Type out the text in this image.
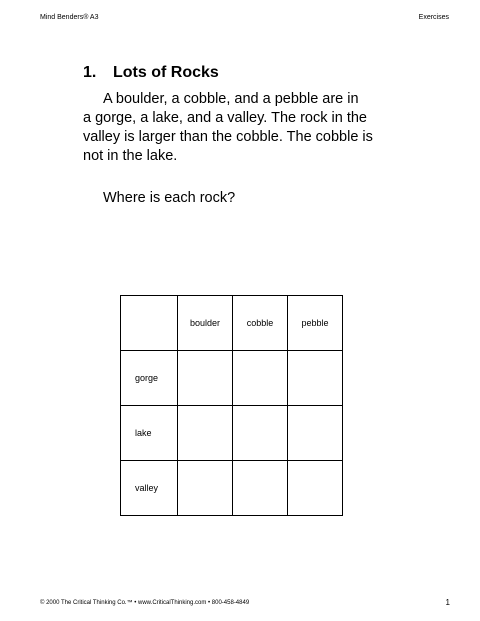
Mind Benders® A3	Exercises
1. Lots of Rocks
A boulder, a cobble, and a pebble are in
a gorge, a lake, and a valley. The rock in the
valley is larger than the cobble. The cobble is
not in the lake.
Where is each rock?
	boulder	cobble	pebble
gorge			
lake			
valley			
© 2000 The Critical Thinking Co.™ • www.CriticalThinking.com • 800-458-4849	1
